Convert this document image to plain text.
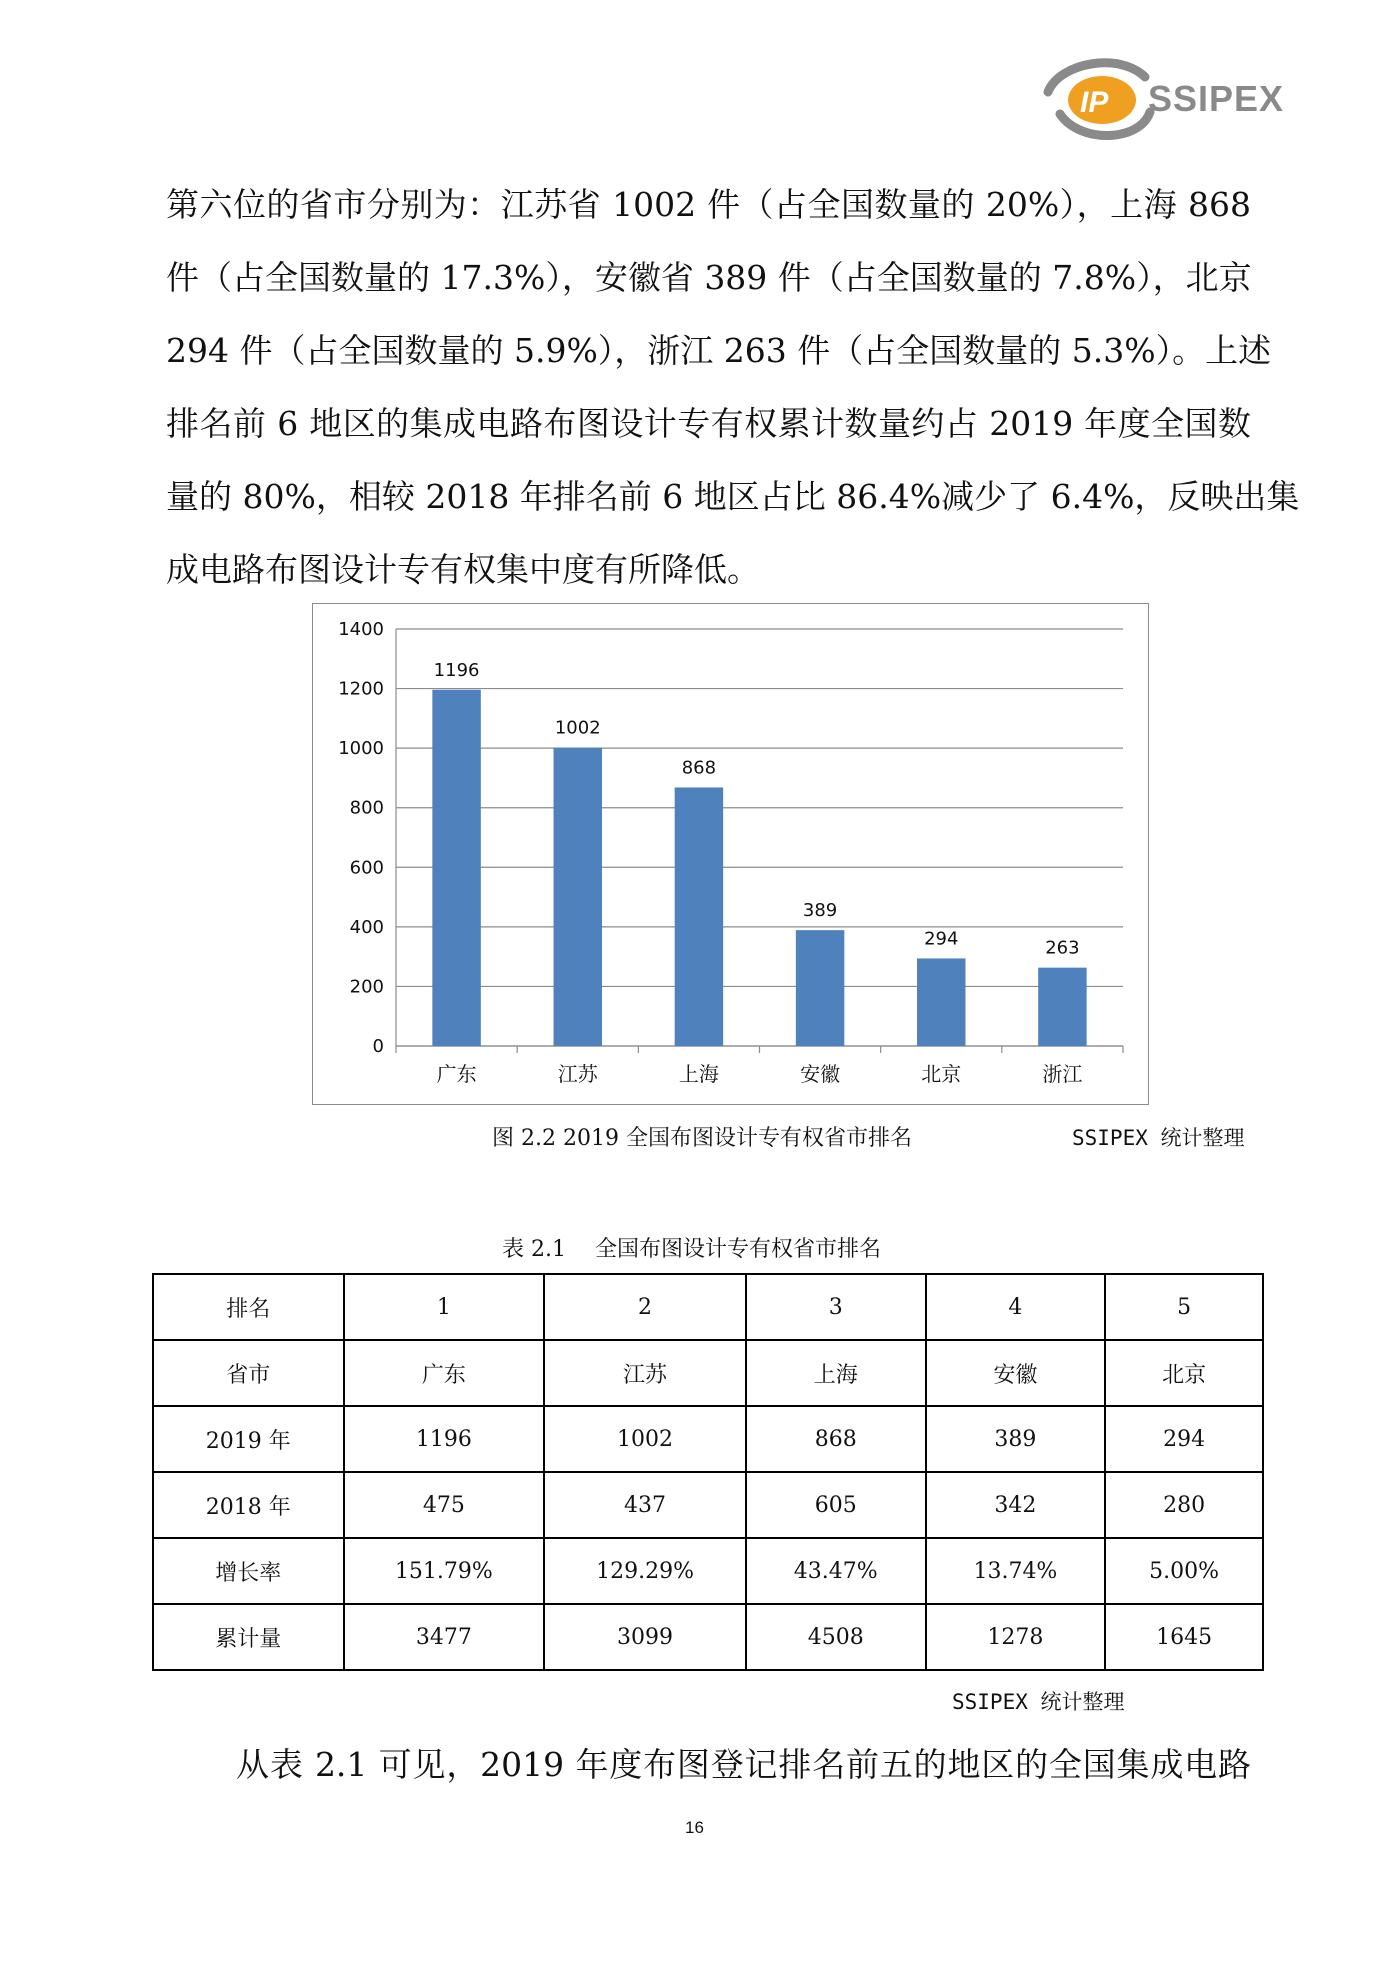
IP SSIPEX
第六位的省市分别为：江苏省 1002 件（占全国数量的 20%），上海 868
件（占全国数量的 17.3%），安徽省 389 件（占全国数量的 7.8%），北京
294 件（占全国数量的 5.9%），浙江 263 件（占全国数量的 5.3%）。上述
排名前 6 地区的集成电路布图设计专有权累计数量约占 2019 年度全国数
量的 80%，相较 2018 年排名前 6 地区占比 86.4%减少了 6.4%，反映出集
成电路布图设计专有权集中度有所降低。
0
200
400
600
800
1000
1200
1400
1196
广东
1002
江苏
868
上海
389
安徽
294
北京
263
浙江
图 2.2 2019 全国布图设计专有权省市排名	SSIPEX 统计整理
表 2.1　 全国布图设计专有权省市排名
排名	1	2	3	4	5
省市	广东	江苏	上海	安徽	北京
2019 年	1196	1002	868	389	294
2018 年	475	437	605	342	280
增长率	151.79%	129.29%	43.47%	13.74%	5.00%
累计量	3477	3099	4508	1278	1645
SSIPEX 统计整理
从表 2.1 可见，2019 年度布图登记排名前五的地区的全国集成电路
16
